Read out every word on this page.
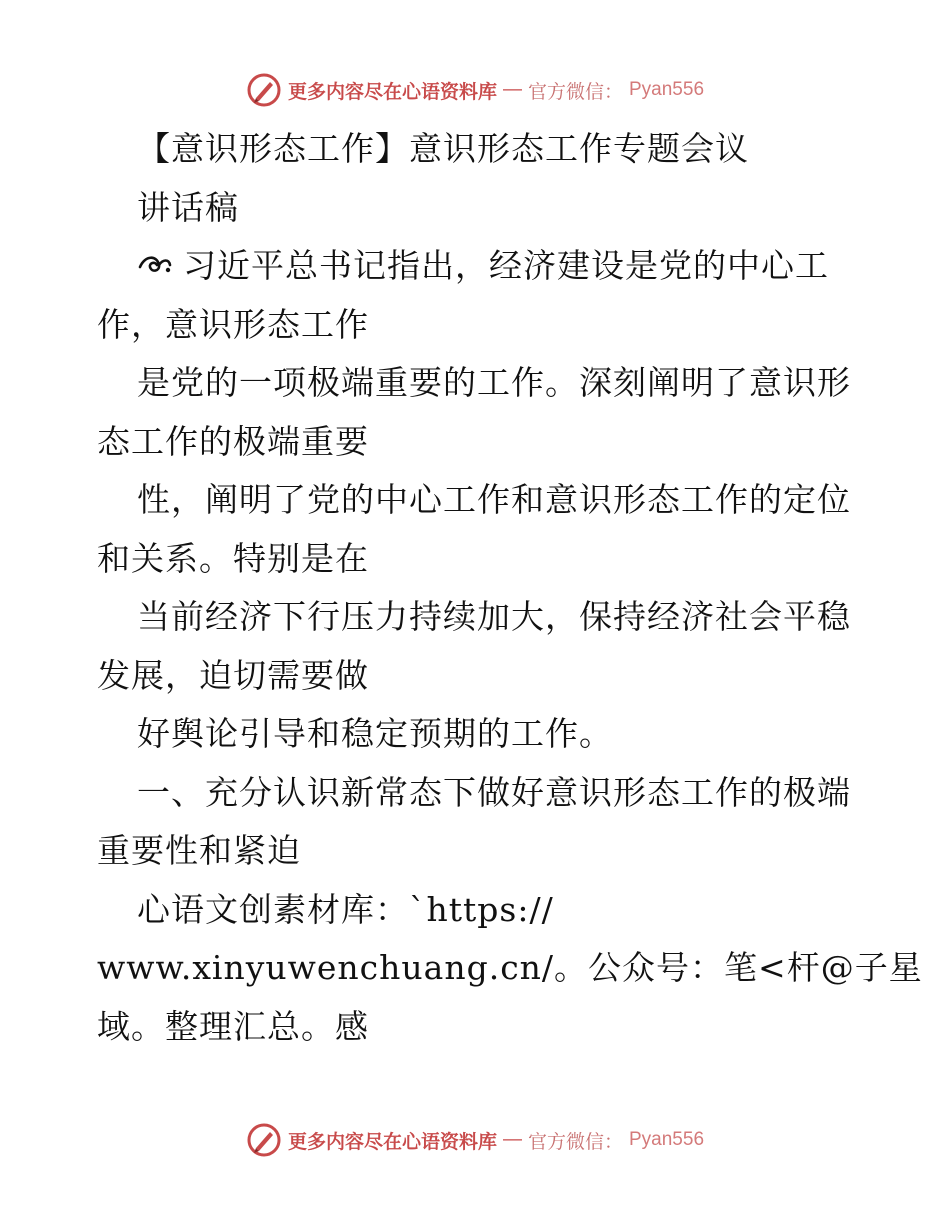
更多内容尽在心语资料库 — 官方微信： Pyan556
【意识形态工作】意识形态工作专题会议
讲话稿
习近平总书记指出，经济建设是党的中心工
作，意识形态工作
是党的一项极端重要的工作。深刻阐明了意识形
态工作的极端重要
性，阐明了党的中心工作和意识形态工作的定位
和关系。特别是在
当前经济下行压力持续加大，保持经济社会平稳
发展，迫切需要做
好舆论引导和稳定预期的工作。
一、充分认识新常态下做好意识形态工作的极端
重要性和紧迫
心语文创素材库：`https://
www.xinyuwenchuang.cn/。公众号：笔<杆@子星
域。整理汇总。感
更多内容尽在心语资料库 — 官方微信： Pyan556
